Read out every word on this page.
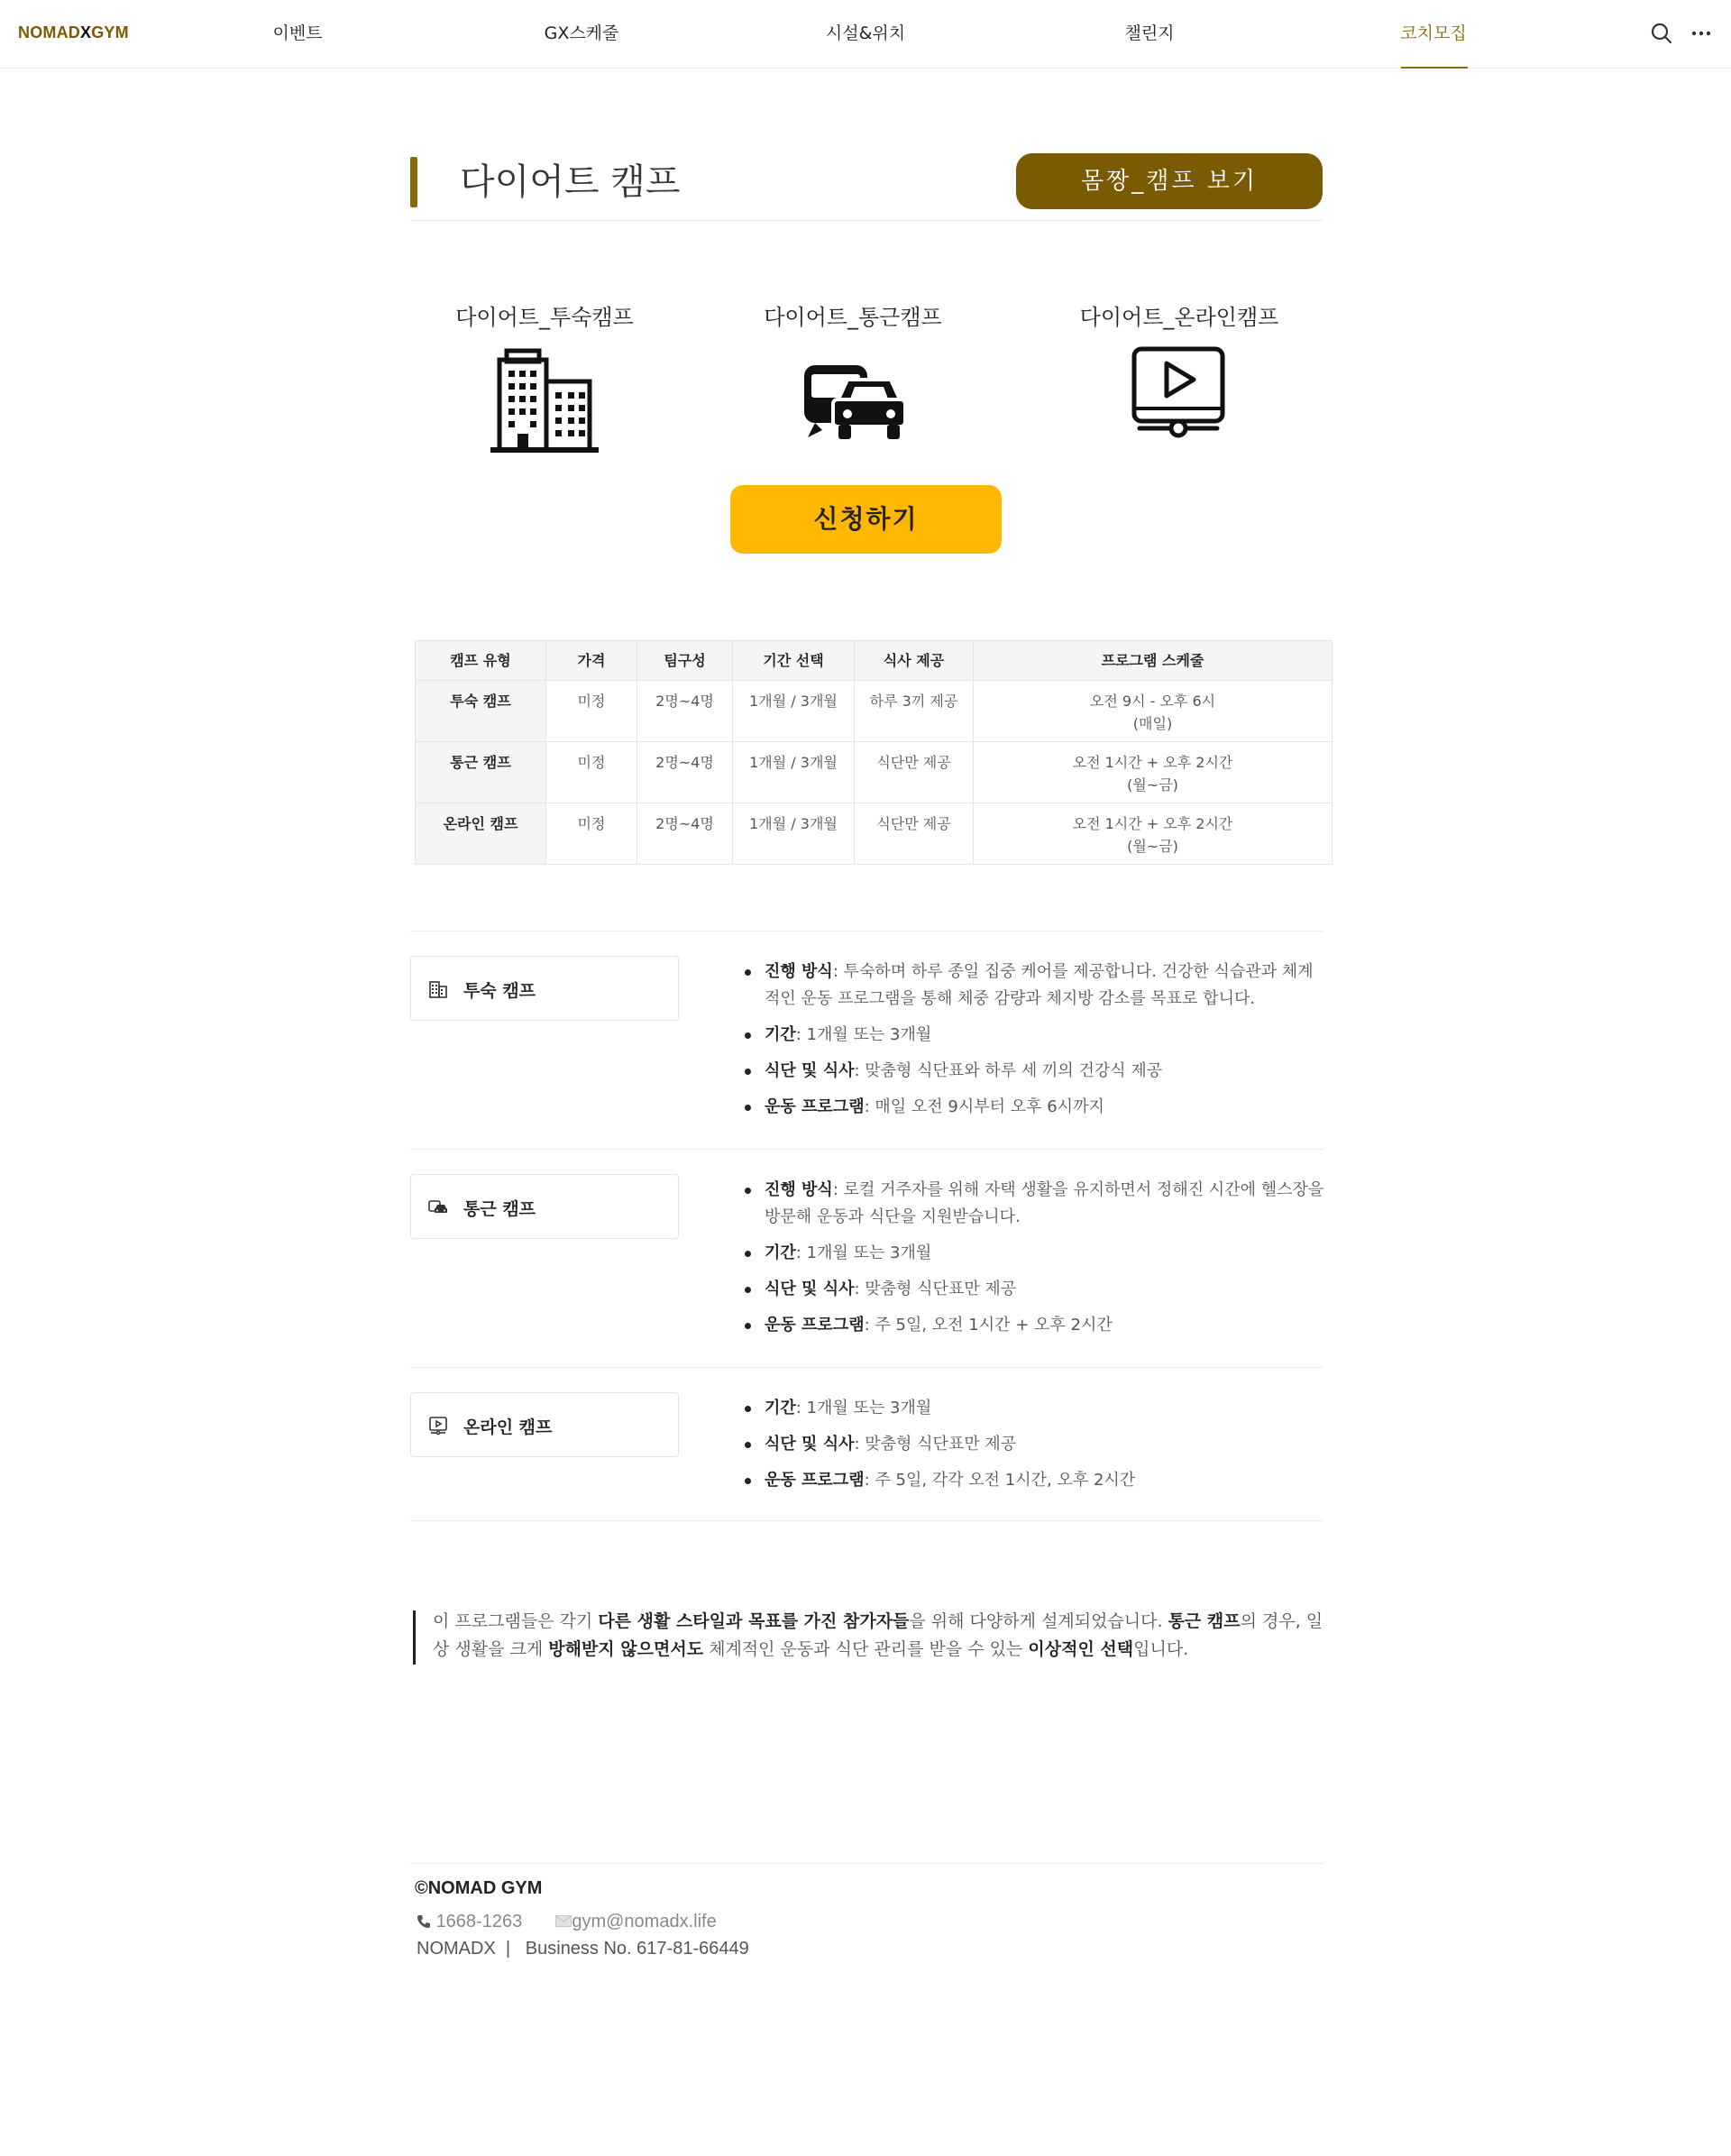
NOMADXGYM	이벤트	GX스케줄	시설&위치	챌린지	코치모집
다이어트 캠프	몸짱_캠프 보기
다이어트_투숙캠프	다이어트_통근캠프	다이어트_온라인캠프
신청하기
캠프 유형	가격	팀구성	기간 선택	식사 제공	프로그램 스케줄
투숙 캠프	미정	2명~4명	1개월 / 3개월	하루 3끼 제공	오전 9시 - 오후 6시
(매일)
통근 캠프	미정	2명~4명	1개월 / 3개월	식단만 제공	오전 1시간 + 오후 2시간
(월~금)
온라인 캠프	미정	2명~4명	1개월 / 3개월	식단만 제공	오전 1시간 + 오후 2시간
(월~금)
투숙 캠프
진행 방식: 투숙하며 하루 종일 집중 케어를 제공합니다. 건강한 식습관과 체계적인 운동 프로그램을 통해 체중 감량과 체지방 감소를 목표로 합니다.
기간: 1개월 또는 3개월
식단 및 식사: 맞춤형 식단표와 하루 세 끼의 건강식 제공
운동 프로그램: 매일 오전 9시부터 오후 6시까지
통근 캠프
진행 방식: 로컬 거주자를 위해 자택 생활을 유지하면서 정해진 시간에 헬스장을 방문해 운동과 식단을 지원받습니다.
기간: 1개월 또는 3개월
식단 및 식사: 맞춤형 식단표만 제공
운동 프로그램: 주 5일, 오전 1시간 + 오후 2시간
온라인 캠프
기간: 1개월 또는 3개월
식단 및 식사: 맞춤형 식단표만 제공
운동 프로그램: 주 5일, 각각 오전 1시간, 오후 2시간
이 프로그램들은 각기 다른 생활 스타일과 목표를 가진 참가자들을 위해 다양하게 설계되었습니다. 통근 캠프의 경우, 일상 생활을 크게 방해받지 않으면서도 체계적인 운동과 식단 관리를 받을 수 있는 이상적인 선택입니다.
©NOMAD GYM
1668-1263	gym@nomadx.life
NOMADX  |   Business No. 617-81-66449
